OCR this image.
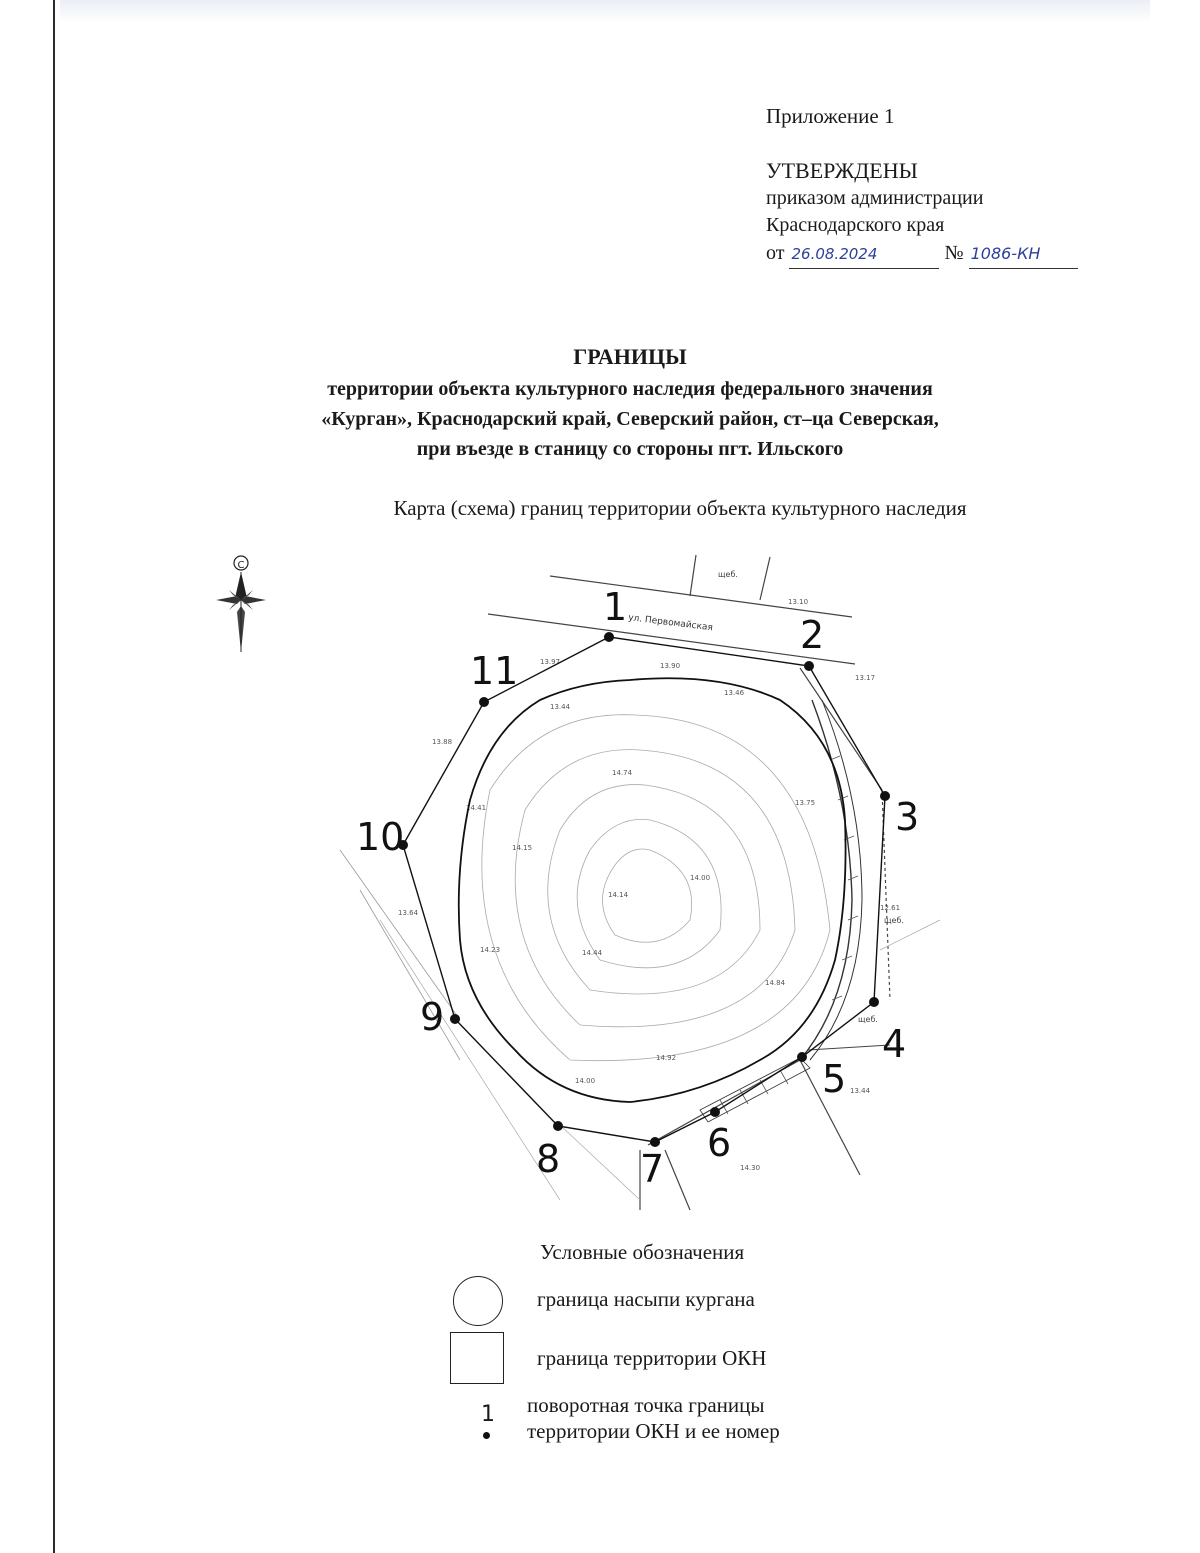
Приложение 1
УТВЕРЖДЕНЫ
приказом администрации
Краснодарского края
от 26.08.2024	№ 1086-КН
ГРАНИЦЫ
территории объекта культурного наследия федерального значения
«Курган», Краснодарский край, Северский район, ст–ца Северская,
при въезде в станицу со стороны пгт. Ильского
Карта (схема) границ территории объекта культурного наследия
С
13.97	13.90
13.46
13.44
13.88
13.17
13.75
14.74
14.41
14.00
14.14
14.15
14.23
14.84
14.44
14.92
14.00
13.10
13.44
14.30
13.64
12.61
щеб.
щеб.
щеб.
ул. Первомайская
1
2
3
4
5
6
7
8
9
10
11
Условные обозначения
граница насыпи кургана
граница территории ОКН
1 поворотная точка границы
территории ОКН и ее номер
